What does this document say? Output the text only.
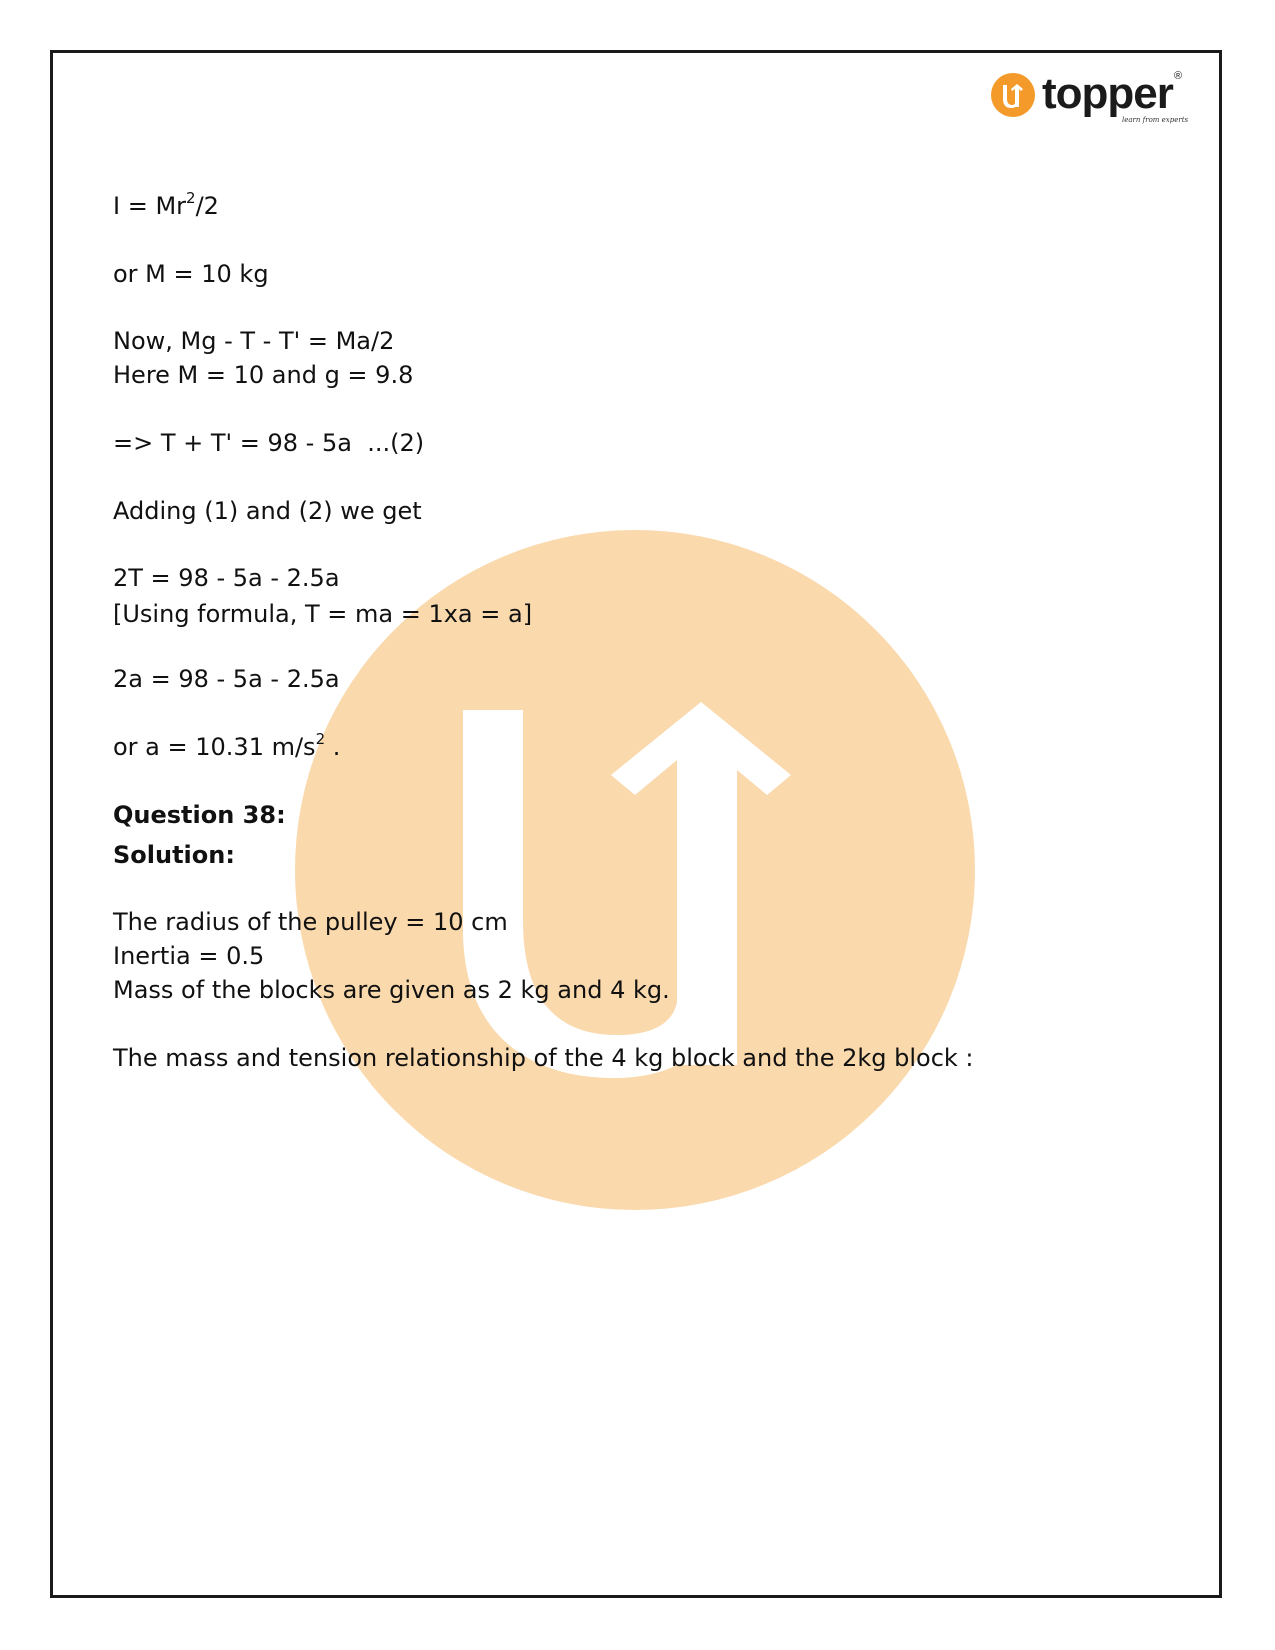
topper ®
learn from experts
$I = Mr^2/2$
or M = 10 kg
Now, Mg - T - T' = Ma/2
Here M = 10 and g = 9.8
=> T + T' = 98 - 5a  ...(2)
Adding (1) and (2) we get
2T = 98 - 5a - 2.5a
[Using formula, T = ma = 1xa = a]
2a = 98 - 5a - 2.5a
or a = 10.31 $m/s^2$ .
Question 38:
Solution:
The radius of the pulley = 10 cm
Inertia = 0.5
Mass of the blocks are given as 2 kg and 4 kg.
The mass and tension relationship of the 4 kg block and the 2kg block :
